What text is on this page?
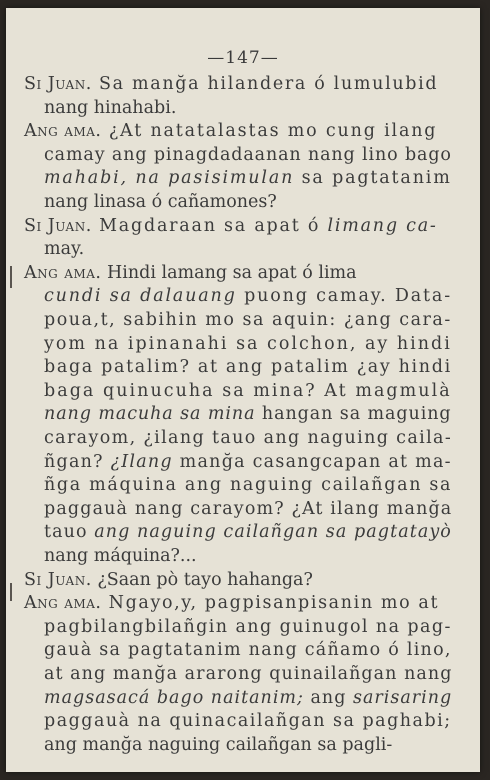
—147—
Si Juan. Sa manğa hilandera ó lumulubid
nang hinahabi.
Ang ama. ¿At natatalastas mo cung ilang
camay ang pinagdadaanan nang lino bago
mahabi, na pasisimulan sa pagtatanim
nang linasa ó cañamones?
Si Juan. Magdaraan sa apat ó limang ca-
may.
Ang ama. Hindi lamang sa apat ó lima
cundi sa dalauang puong camay. Data-
poua,t, sabihin mo sa aquin: ¿ang cara-
yom na ipinanahi sa colchon, ay hindi
baga patalim? at ang patalim ¿ay hindi
baga quinucuha sa mina? At magmulà
nang macuha sa mina hangan sa maguing
carayom, ¿ilang tauo ang naguing caila-
ñgan? ¿Ilang manğa casangcapan at ma-
ñga máquina ang naguing cailañgan sa
paggauà nang carayom? ¿At ilang manğa
tauo ang naguing cailañgan sa pagtatayò
nang máquina?...
Si Juan. ¿Saan pò tayo hahanga?
Ang ama. Ngayo,y, pagpisanpisanin mo at
pagbilangbilañgin ang guinugol na pag-
gauà sa pagtatanim nang cáñamo ó lino,
at ang manğa ararong quinailañgan nang
magsasacá bago naitanim; ang sarisaring
paggauà na quinacailañgan sa paghabi;
ang manğa naguing cailañgan sa pagli-
